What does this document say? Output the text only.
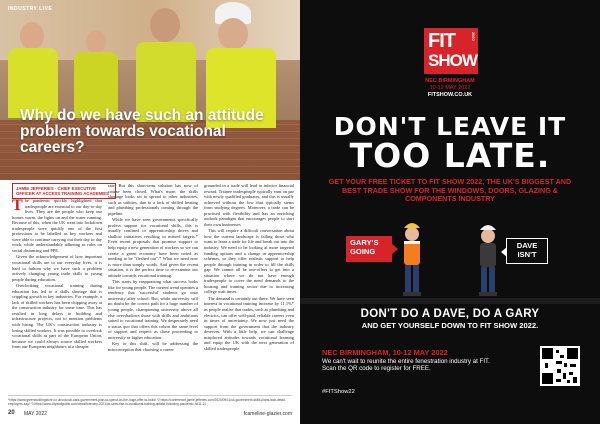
INDUSTRY LIVE
Why do we have such an attitude problem towards vocational careers?
JAMIE JEFFERIES - CHIEF EXECUTIVE OFFICER AT ACCESS TRAINING ACADEMIES

The pandemic quickly highlighted that tradespeople are essential to our day-to-day lives. They are the people who keep our homes warm, the lights on and the water running. Because of this, when the UK went into lockdown tradespeople were quickly one of the first professions to be labelled as key workers and were able to continue carrying out their day to day work, while understandably adhering to rules on social distancing and PPE.

Given the acknowledgement of how important vocational skills are to our everyday lives, it is hard to fathom why we have such a problem actively changing young trade skills to young people during education.

Overlooking vocational training during education has led to a skills shortage that is crippling growth in key industries. For example, a lack of skilled workers has been chipping away at the construction industry for some time. This has resulted in long delays to building and infrastructure projects, not to mention problems with hiring. The UK's construction industry is losing skilled workers. It was possible to overlook vocational skills as part of the European Union, because we could always source skilled workers from our European neighbours at a cheaper

rate. But this short-term solution has now of course been closed. What's more, the skills shortage looks set to spread to other industries, such as utilities, due to a lack of skilled heating and plumbing professionals coming through the pipeline.

While we have seen governments specifically profess support for vocational skills, this is usually confined to apprenticeship drives and shallow initiatives resulting in missed targets.* Even recent proposals that promise support to help equip a new generation of workers so we can create a green economy have been noted as needing to be "fleshed out".* What we need now is more than simply words. And given the recent situation, it is the perfect time to re-examine our attitude towards vocational training.

This starts by reappraising what success looks like for young people. The current trend operates a tendency that 'successful' students go onto university after school. But, while university will no doubt be the correct path for a huge number of young people, championing university above all else overshadows those with skills and ambitions suited to vocational training. We desperately need a status quo that offers this cohort the same level of support and respect as those proceeding to university or higher education.

Key to this shift, will be addressing the misconception that choosing a career

grounded in a trade will lead to inferior financial reward. Trainee tradespeople typically earn on par with newly qualified graduates, and this is usually achieved without the low that typically stems from studying degrees. Moreover, a trade can be practised with flexibility and has an enriching outlook paradigm that encourages people to start their own businesses.

This will require a difficult conversation about how the current landscape is failing those who want to learn a trade for life and break out into the industry. We need to be looking at more targeted funding options and a change in apprenticeship schemes, so they offer realistic support to help people through training in order to fill the skills gap. We cannot all be one-offers to get into a situation where we do not have enough tradespeople to cover the need demands to the housing and training sector due to increasing college wait times.

The demand is certainly out there. We have seen interest in vocational training increase by 11.1%* as people realise that trades, such as plumbing and electrics, can offer well-paid, reliable careers even in times of uncertainty. We now just need the support from the government that the industry deserves. With a little help, we can challenge misplaced attitudes towards vocational learning and equip the UK with the next generation of skilled tradespeople.

*https://www.greenbuildingstore.co.uk/council-calls-government-plan-to-spend-on-the-huge-offer-to-build/ *2 https://conference-jamie-jefferies.com/2020/09/11/uk-government-skills-plans-lack-detail-employers-say/ *3 https://www.cityandguilds.com/news/february-2021/uk-sees-rise-in-vocational-training-uptake-following-pandemic-hd11-21
20 MAY 2022	fcameline-glazier.com
FIT
SHOW
2022
NEC BIRMINGHAM
10-12 MAY 2022
FITSHOW.CO.UK
DON'T LEAVE IT
TOO LATE.
GET YOUR FREE TICKET TO FIT SHOW 2022, THE UK'S BIGGEST AND BEST TRADE SHOW FOR THE WINDOWS, DOORS, GLAZING & COMPONENTS INDUSTRY
GARY'S GOING
DAVE ISN'T
DON'T DO A DAVE, DO A GARY
AND GET YOURSELF DOWN TO FIT SHOW 2022.
NEC BIRMINGHAM, 10-12 MAY 2022
We can't wait to reunite the entire fenestration industry at FIT. Scan the QR code to register for FREE.
#FITShow22
